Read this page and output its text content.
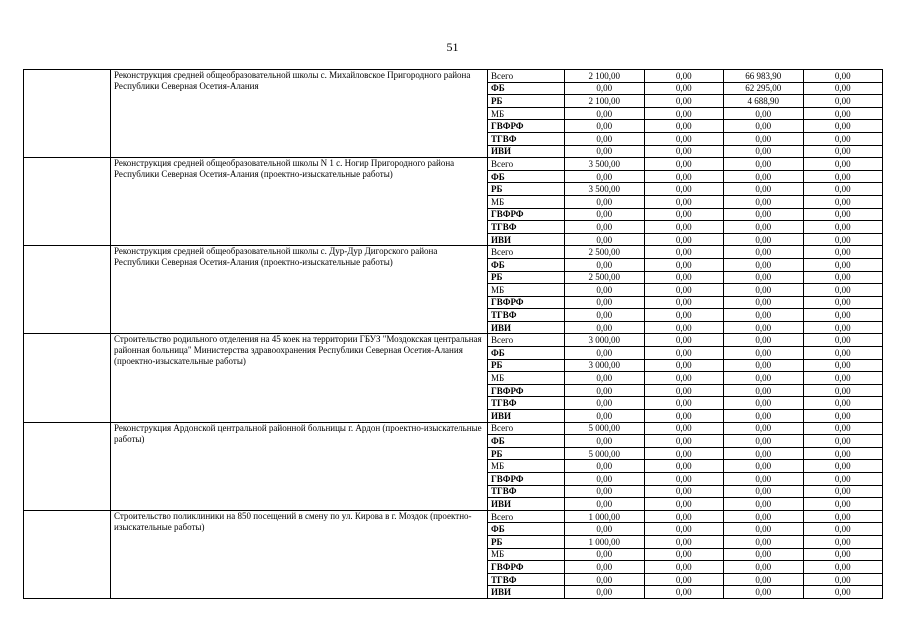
51
	Реконструкция средней общеобразовательной школы с. Михайловское Пригородного района Республики Северная Осетия-Алания	Всего	2 100,00	0,00	66 983,90	0,00
		ФБ	0,00	0,00	62 295,00	0,00
		РБ	2 100,00	0,00	4 688,90	0,00
		МБ	0,00	0,00	0,00	0,00
		ГВФРФ	0,00	0,00	0,00	0,00
		ТГВФ	0,00	0,00	0,00	0,00
		ИВИ	0,00	0,00	0,00	0,00
	Реконструкция средней общеобразовательной школы N 1 с. Ногир Пригородного района Республики Северная Осетия-Алания (проектно-изыскательные работы)	Всего	3 500,00	0,00	0,00	0,00
		ФБ	0,00	0,00	0,00	0,00
		РБ	3 500,00	0,00	0,00	0,00
		МБ	0,00	0,00	0,00	0,00
		ГВФРФ	0,00	0,00	0,00	0,00
		ТГВФ	0,00	0,00	0,00	0,00
		ИВИ	0,00	0,00	0,00	0,00
	Реконструкция средней общеобразовательной школы с. Дур-Дур Дигорского района Республики Северная Осетия-Алания (проектно-изыскательные работы)	Всего	2 500,00	0,00	0,00	0,00
		ФБ	0,00	0,00	0,00	0,00
		РБ	2 500,00	0,00	0,00	0,00
		МБ	0,00	0,00	0,00	0,00
		ГВФРФ	0,00	0,00	0,00	0,00
		ТГВФ	0,00	0,00	0,00	0,00
		ИВИ	0,00	0,00	0,00	0,00
	Строительство родильного отделения на 45 коек на территории ГБУЗ "Моздокская центральная районная больница" Министерства здравоохранения Республики Северная Осетия-Алания (проектно-изыскательные работы)	Всего	3 000,00	0,00	0,00	0,00
		ФБ	0,00	0,00	0,00	0,00
		РБ	3 000,00	0,00	0,00	0,00
		МБ	0,00	0,00	0,00	0,00
		ГВФРФ	0,00	0,00	0,00	0,00
		ТГВФ	0,00	0,00	0,00	0,00
		ИВИ	0,00	0,00	0,00	0,00
	Реконструкция Ардонской центральной районной больницы г. Ардон (проектно-изыскательные работы)	Всего	5 000,00	0,00	0,00	0,00
		ФБ	0,00	0,00	0,00	0,00
		РБ	5 000,00	0,00	0,00	0,00
		МБ	0,00	0,00	0,00	0,00
		ГВФРФ	0,00	0,00	0,00	0,00
		ТГВФ	0,00	0,00	0,00	0,00
		ИВИ	0,00	0,00	0,00	0,00
	Строительство поликлиники на 850 посещений в смену по ул. Кирова в г. Моздок (проектно-изыскательные работы)	Всего	1 000,00	0,00	0,00	0,00
		ФБ	0,00	0,00	0,00	0,00
		РБ	1 000,00	0,00	0,00	0,00
		МБ	0,00	0,00	0,00	0,00
		ГВФРФ	0,00	0,00	0,00	0,00
		ТГВФ	0,00	0,00	0,00	0,00
		ИВИ	0,00	0,00	0,00	0,00
